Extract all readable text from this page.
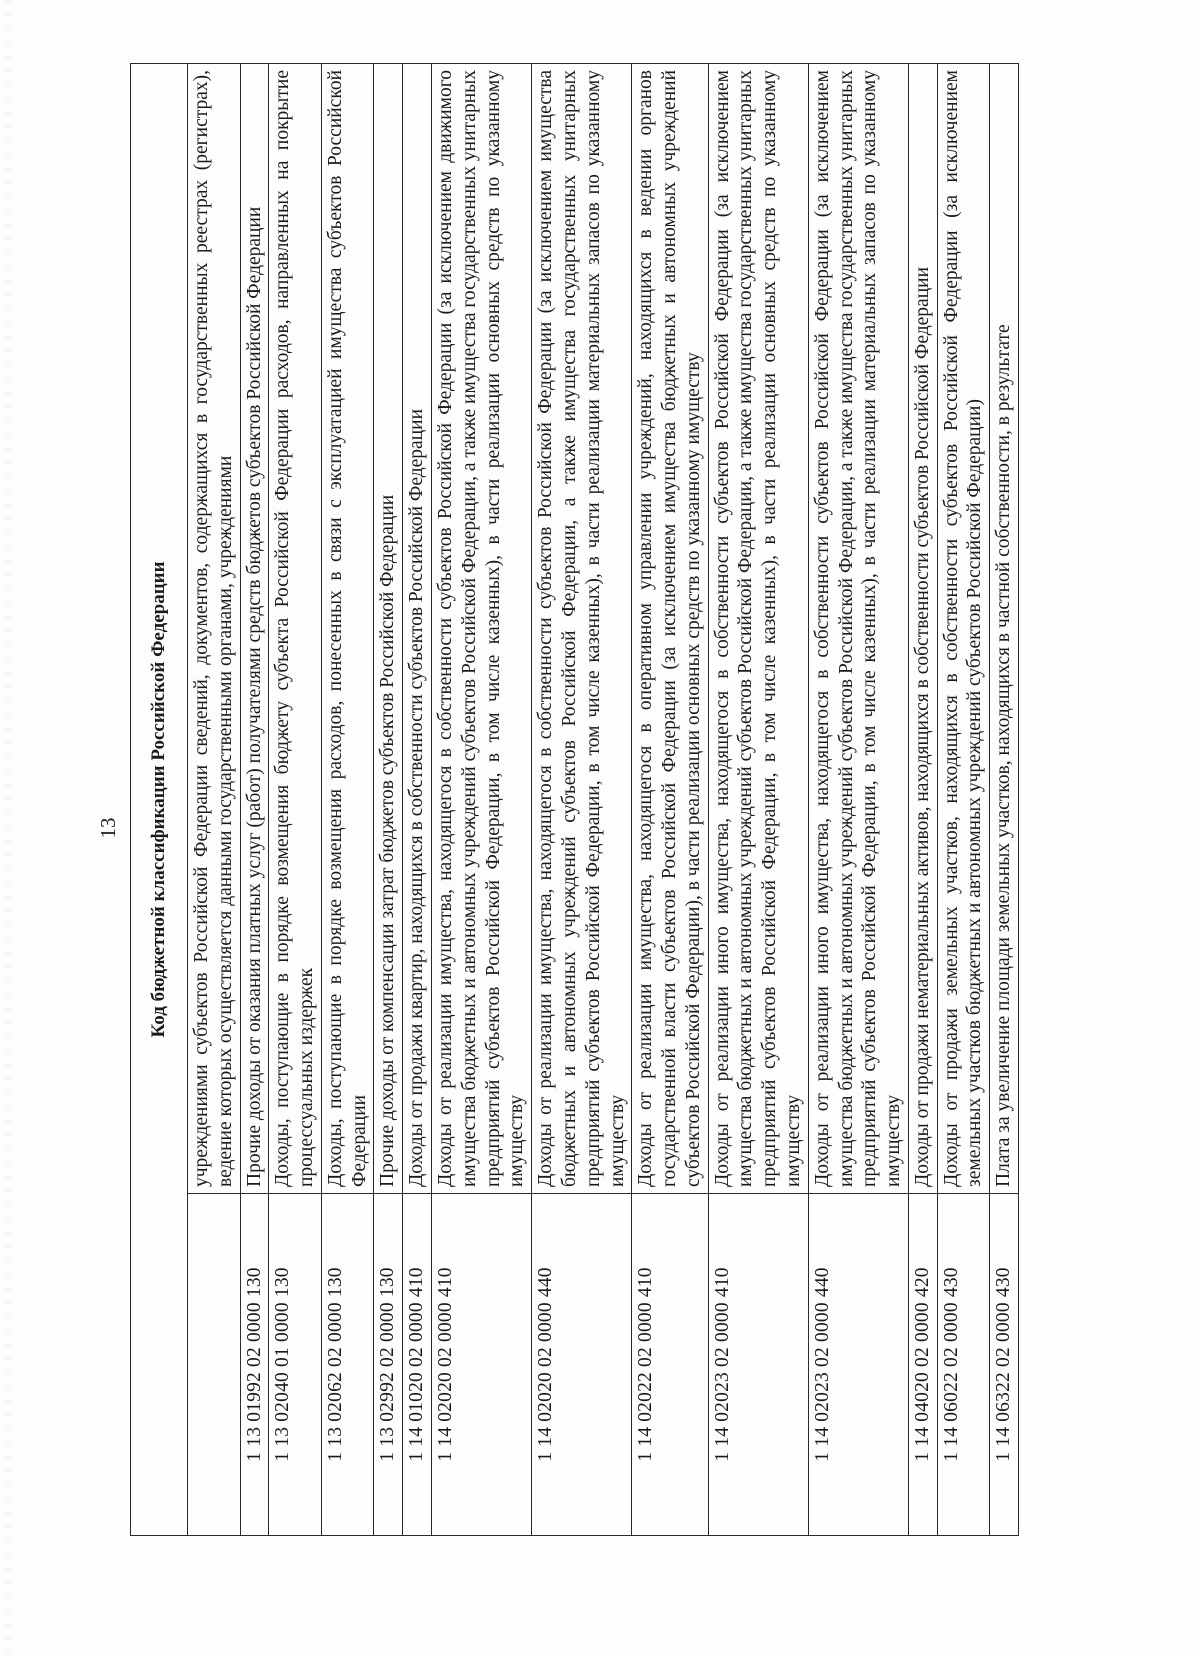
13 Код бюджетной классификации Российской Федерации	
	учреждениями субъектов Российской Федерации сведений, документов, содержащихся в государственных реестрах (регистрах), ведение которых осуществляется данными государственными органами, учреждениями
1 13 01992 02 0000 130	Прочие доходы от оказания платных услуг (работ) получателями средств бюджетов субъектов Российской Федерации
1 13 02040 01 0000 130	Доходы, поступающие в порядке возмещения бюджету субъекта Российской Федерации расходов, направленных на покрытие процессуальных издержек
1 13 02062 02 0000 130	Доходы, поступающие в порядке возмещения расходов, понесенных в связи с эксплуатацией имущества субъектов Российской Федерации
1 13 02992 02 0000 130	Прочие доходы от компенсации затрат бюджетов субъектов Российской Федерации
1 14 01020 02 0000 410	Доходы от продажи квартир, находящихся в собственности субъектов Российской Федерации
1 14 02020 02 0000 410	Доходы от реализации имущества, находящегося в собственности субъектов Российской Федерации (за исключением движимого имущества бюджетных и автономных учреждений субъектов Российской Федерации, а также имущества государственных унитарных предприятий субъектов Российской Федерации, в том числе казенных), в части реализации основных средств по указанному имуществу
1 14 02020 02 0000 440	Доходы от реализации имущества, находящегося в собственности субъектов Российской Федерации (за исключением имущества бюджетных и автономных учреждений субъектов Российской Федерации, а также имущества государственных унитарных предприятий субъектов Российской Федерации, в том числе казенных), в части реализации материальных запасов по указанному имуществу
1 14 02022 02 0000 410	Доходы от реализации имущества, находящегося в оперативном управлении учреждений, находящихся в ведении органов государственной власти субъектов Российской Федерации (за исключением имущества бюджетных и автономных учреждений субъектов Российской Федерации), в части реализации основных средств по указанному имуществу
1 14 02023 02 0000 410	Доходы от реализации иного имущества, находящегося в собственности субъектов Российской Федерации (за исключением имущества бюджетных и автономных учреждений субъектов Российской Федерации, а также имущества государственных унитарных предприятий субъектов Российской Федерации, в том числе казенных), в части реализации основных средств по указанному имуществу
1 14 02023 02 0000 440	Доходы от реализации иного имущества, находящегося в собственности субъектов Российской Федерации (за исключением имущества бюджетных и автономных учреждений субъектов Российской Федерации, а также имущества государственных унитарных предприятий субъектов Российской Федерации, в том числе казенных), в части реализации материальных запасов по указанному имуществу
1 14 04020 02 0000 420	Доходы от продажи нематериальных активов, находящихся в собственности субъектов Российской Федерации
1 14 06022 02 0000 430	Доходы от продажи земельных участков, находящихся в собственности субъектов Российской Федерации (за исключением земельных участков бюджетных и автономных учреждений субъектов Российской Федерации)
1 14 06322 02 0000 430	Плата за увеличение площади земельных участков, находящихся в частной собственности, в результате
